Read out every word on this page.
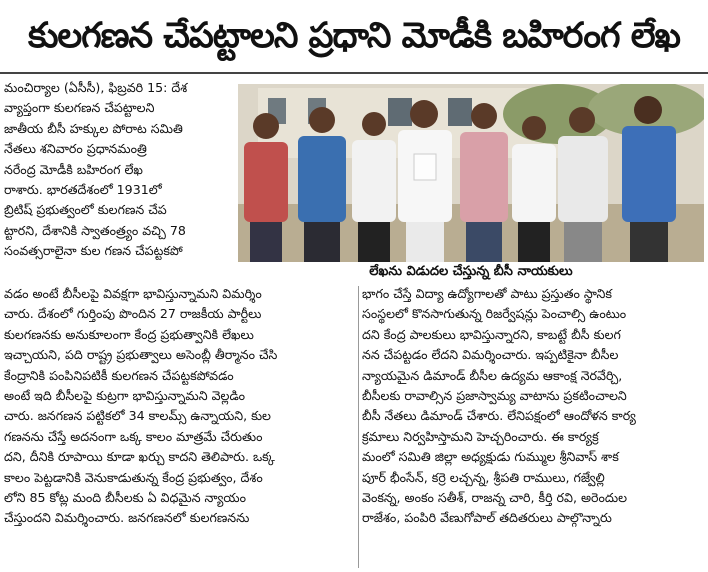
కులగణన చేపట్టాలని ప్రధాని మోడీకి బహిరంగ లేఖ
మంచిర్యాల (ఏసీసీ), ఫిబ్రవరి 15: దేశ
వ్యాప్తంగా కులగణన చేపట్టాలని
జాతీయ బీసీ హక్కుల పోరాట సమితి
నేతలు శనివారం ప్రధానమంత్రి
నరేంద్ర మోడీకి బహిరంగ లేఖ
రాశారు. భారతదేశంలో 1931లో
బ్రిటిష్ ప్రభుత్వంలో కులగణన చేప
ట్టారని, దేశానికి స్వాతంత్ర్యం వచ్చి 78
సంవత్సరాలైనా కుల గణన చేపట్టకపో
లేఖను విడుదల చేస్తున్న బీసీ నాయకులు
వడం అంటే బీసీలపై వివక్షగా భావిస్తున్నామని విమర్శిం
చారు. దేశంలో గుర్తింపు పొందిన 27 రాజకీయ పార్టీలు
కులగణనకు అనుకూలంగా కేంద్ర ప్రభుత్వానికి లేఖలు
ఇచ్చాయని, పది రాష్ట్ర ప్రభుత్వాలు అసెంబ్లీ తీర్మానం చేసి
కేంద్రానికి పంపినిపటికీ కులగణన చేపట్టకపోవడం
అంటే ఇది బీసీలపై కుట్రగా భావిస్తున్నామని వెల్లడిం
చారు. జనగణన పట్టికలో 34 కాలమ్స్ ఉన్నాయని, కుల
గణనను చేస్తే అదనంగా ఒక్క కాలం మాత్రమే చేరుతుం
దని, దీనికి రూపాయి కూడా ఖర్చు కాదని తెలిపారు. ఒక్క
కాలం పెట్టడానికి వెనుకాడుతున్న కేంద్ర ప్రభుత్వం, దేశం
లోని 85 కోట్ల మంది బీసీలకు ఏ విధమైన న్యాయం
చేస్తుందని విమర్శించారు. జనగణనలో కులగణనను
భాగం చేస్తే విద్యా ఉద్యోగాలతో పాటు ప్రస్తుతం స్థానిక
సంస్థలలో కొనసాగుతున్న రిజర్వేషన్లు పెంచాల్సి ఉంటుం
దని కేంద్ర పాలకులు భావిస్తున్నారని, కాబట్టే బీసీ కులగ
నన చేపట్టడం లేదని విమర్శించారు. ఇప్పటికైనా బీసీల
న్యాయమైన డిమాండ్ బీసీల ఉద్యమ ఆకాంక్ష నెరవేర్చి,
బీసీలకు రావాల్సిన ప్రజాస్వామ్య వాటాను ప్రకటించాలని
బీసీ నేతలు డిమాండ్ చేశారు. లేనిపక్షంలో ఆందోళన కార్య
క్రమాలు నిర్వహిస్తామని హెచ్చరించారు. ఈ కార్యక్ర
మంలో సమితి జిల్లా అధ్యక్షుడు గుమ్ముల శ్రీనివాస్ శాక
పూర్ భీంసేన్, కర్రె లచ్చన్న, శ్రీపతి రాములు, గజ్వేల్లి
వెంకన్న, అంకం సతీశ్, రాజన్న చారి, కీర్తి రవి, అరెందుల
రాజేశం, పంపిరి వేణుగోపాల్ తదితరులు పాల్గొన్నారు
